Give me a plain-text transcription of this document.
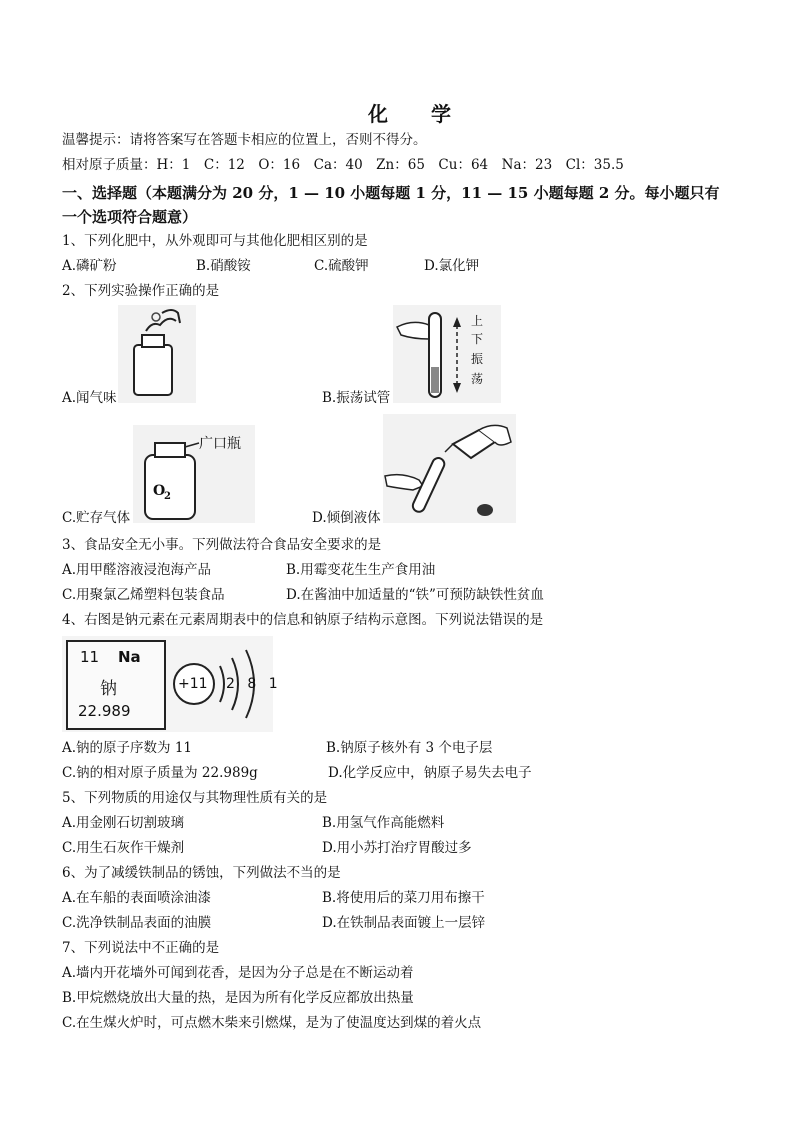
化 学
温馨提示：请将答案写在答题卡相应的位置上，否则不得分。
相对原子质量：H：1　C：12　O：16　Ca：40　Zn：65　Cu：64　Na：23　Cl：35.5
一、选择题（本题满分为 20 分，1 — 10 小题每题 1 分，11 — 15 小题每题 2 分。每小题只有
一个选项符合题意）
1、下列化肥中，从外观即可与其他化肥相区别的是
A.磷矿粉	B.硝酸铵	C.硫酸钾	D.氯化钾
2、下列实验操作正确的是
A.闻气味
上
下
振
荡
B.振荡试管
O
2
广口瓶
C.贮存气体	D.倾倒液体
3、食品安全无小事。下列做法符合食品安全要求的是
A.用甲醛溶液浸泡海产品	B.用霉变花生生产食用油
C.用聚氯乙烯塑料包装食品	D.在酱油中加适量的“铁”可预防缺铁性贫血
4、右图是钠元素在元素周期表中的信息和钠原子结构示意图。下列说法错误的是
11 Na
钠
22.989
+11 2 8 1
A.钠的原子序数为 11	B.钠原子核外有 3 个电子层
C.钠的相对原子质量为 22.989g	D.化学反应中，钠原子易失去电子
5、下列物质的用途仅与其物理性质有关的是
A.用金刚石切割玻璃	B.用氢气作高能燃料
C.用生石灰作干燥剂	D.用小苏打治疗胃酸过多
6、为了减缓铁制品的锈蚀，下列做法不当的是
A.在车船的表面喷涂油漆	B.将使用后的菜刀用布擦干
C.洗净铁制品表面的油膜	D.在铁制品表面镀上一层锌
7、下列说法中不正确的是
A.墙内开花墙外可闻到花香，是因为分子总是在不断运动着
B.甲烷燃烧放出大量的热，是因为所有化学反应都放出热量
C.在生煤火炉时，可点燃木柴来引燃煤，是为了使温度达到煤的着火点
